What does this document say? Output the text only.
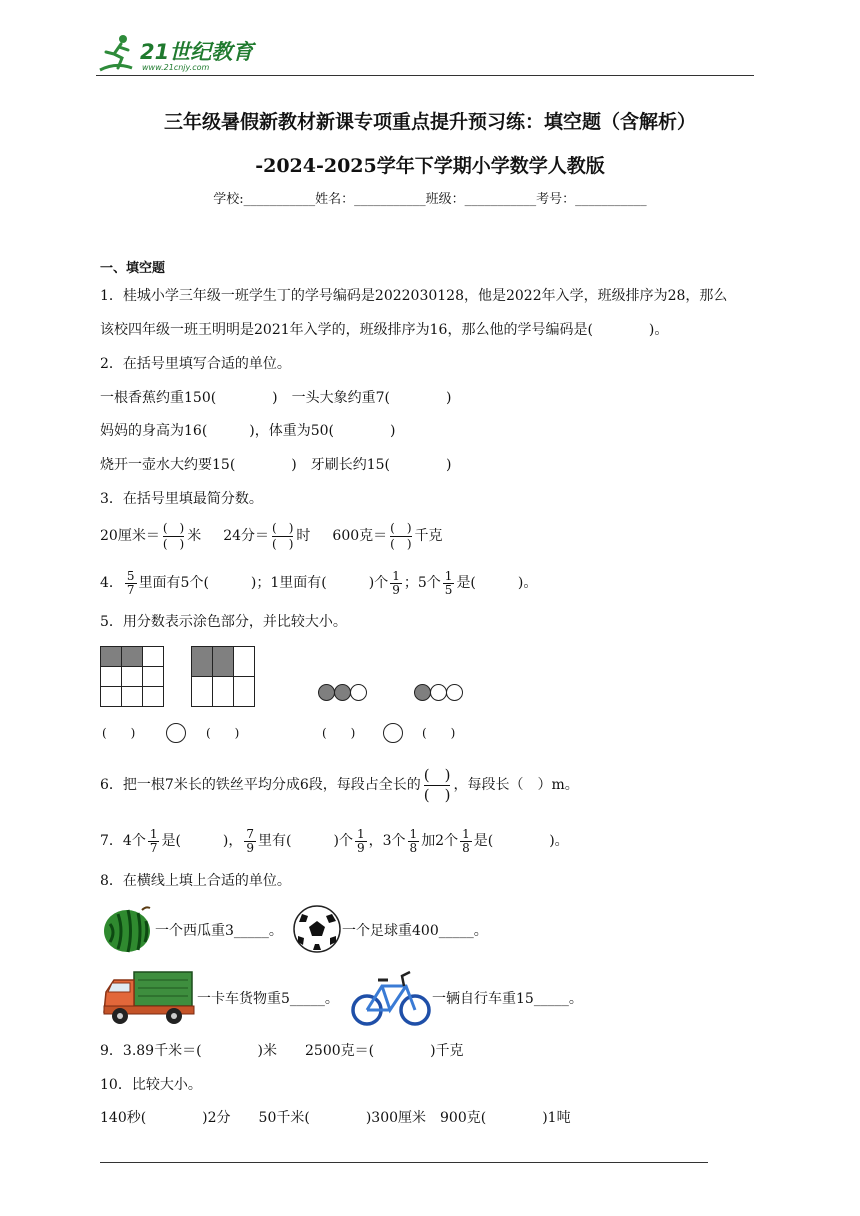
21世纪教育
www.21cnjy.com
三年级暑假新教材新课专项重点提升预习练：填空题（含解析）
-2024-2025学年下学期小学数学人教版
学校:___________姓名：___________班级：___________考号：___________
一、填空题
1．桂城小学三年级一班学生丁的学号编码是2022030128，他是2022年入学，班级排序为28，那么
该校四年级一班王明明是2021年入学的，班级排序为16，那么他的学号编码是(　　　　)。
2．在括号里填写合适的单位。
一根香蕉约重150(　　　　)　一头大象约重7(　　　　)
妈妈的身高为16(　　　)，体重为50(　　　　)
烧开一壶水大约要15(　　　　)　牙刷长约15(　　　　)
3．在括号里填最简分数。
20厘米＝
(　)
(　) 米 24分＝
(　)
(　) 时 600克＝
(　)
(　) 千克
4． $\frac{5}{7}$ 里面有5个(　　　)；1里面有(　　　)个 $\frac{1}{9}$ ；5个 $\frac{1}{5}$ 是(　　　)。
5．用分数表示涂色部分，并比较大小。

(　　)	(　　)	(　　)	(　　)
6．把一根7米长的铁丝平均分成6段，每段占全长的
(　)
(　)
，每段长（　）m。
7．4个 $\frac{1}{7}$ 是(　　　)， $\frac{7}{9}$ 里有(　　　)个 $\frac{1}{9}$ ，3个 $\frac{1}{8}$ 加2个 $\frac{1}{8}$ 是(　　　　)。
8．在横线上填上合适的单位。
一个西瓜重3_____。	一个足球重400_____。
一卡车货物重5_____。	一辆自行车重15_____。
9．3.89千米＝(　　　　)米　　2500克＝(　　　　)千克
10．比较大小。
140秒(　　　　)2分　　50千米(　　　　)300厘米　900克(　　　　)1吨
